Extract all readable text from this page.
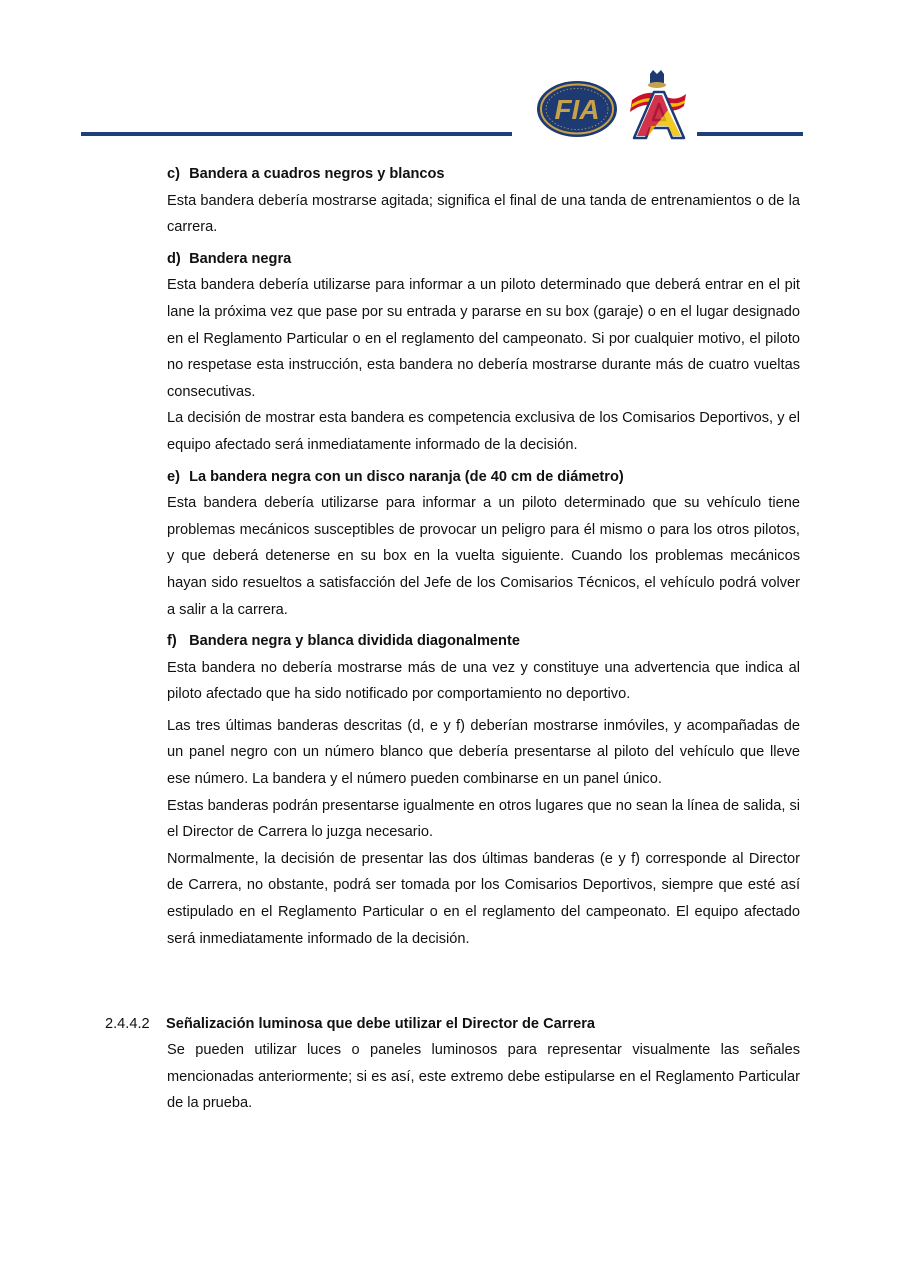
FIA
A

c) Bandera a cuadros negros y blancos

Esta bandera debería mostrarse agitada; significa el final de una tanda de entrenamientos o de la carrera.

d) Bandera negra

Esta bandera debería utilizarse para informar a un piloto determinado que deberá entrar en el pit lane la próxima vez que pase por su entrada y pararse en su box (garaje) o en el lugar designado en el Reglamento Particular o en el reglamento del campeonato. Si por cualquier motivo, el piloto no respetase esta instrucción, esta bandera no debería mostrarse durante más de cuatro vueltas consecutivas.

La decisión de mostrar esta bandera es competencia exclusiva de los Comisarios Deportivos, y el equipo afectado será inmediatamente informado de la decisión.

e) La bandera negra con un disco naranja (de 40 cm de diámetro)

Esta bandera debería utilizarse para informar a un piloto determinado que su vehículo tiene problemas mecánicos susceptibles de provocar un peligro para él mismo o para los otros pilotos, y que deberá detenerse en su box en la vuelta siguiente. Cuando los problemas mecánicos hayan sido resueltos a satisfacción del Jefe de los Comisarios Técnicos, el vehículo podrá volver a salir a la carrera.

f) Bandera negra y blanca dividida diagonalmente

Esta bandera no debería mostrarse más de una vez y constituye una advertencia que indica al piloto afectado que ha sido notificado por comportamiento no deportivo.

Las tres últimas banderas descritas (d, e y f) deberían mostrarse inmóviles, y acompañadas de un panel negro con un número blanco que debería presentarse al piloto del vehículo que lleve ese número. La bandera y el número pueden combinarse en un panel único.

Estas banderas podrán presentarse igualmente en otros lugares que no sean la línea de salida, si el Director de Carrera lo juzga necesario.

Normalmente, la decisión de presentar las dos últimas banderas (e y f) corresponde al Director de Carrera, no obstante, podrá ser tomada por los Comisarios Deportivos, siempre que esté así estipulado en el Reglamento Particular o en el reglamento del campeonato. El equipo afectado será inmediatamente informado de la decisión.

2.4.4.2 Señalización luminosa que debe utilizar el Director de Carrera

Se pueden utilizar luces o paneles luminosos para representar visualmente las señales mencionadas anteriormente; si es así, este extremo debe estipularse en el Reglamento Particular de la prueba.
